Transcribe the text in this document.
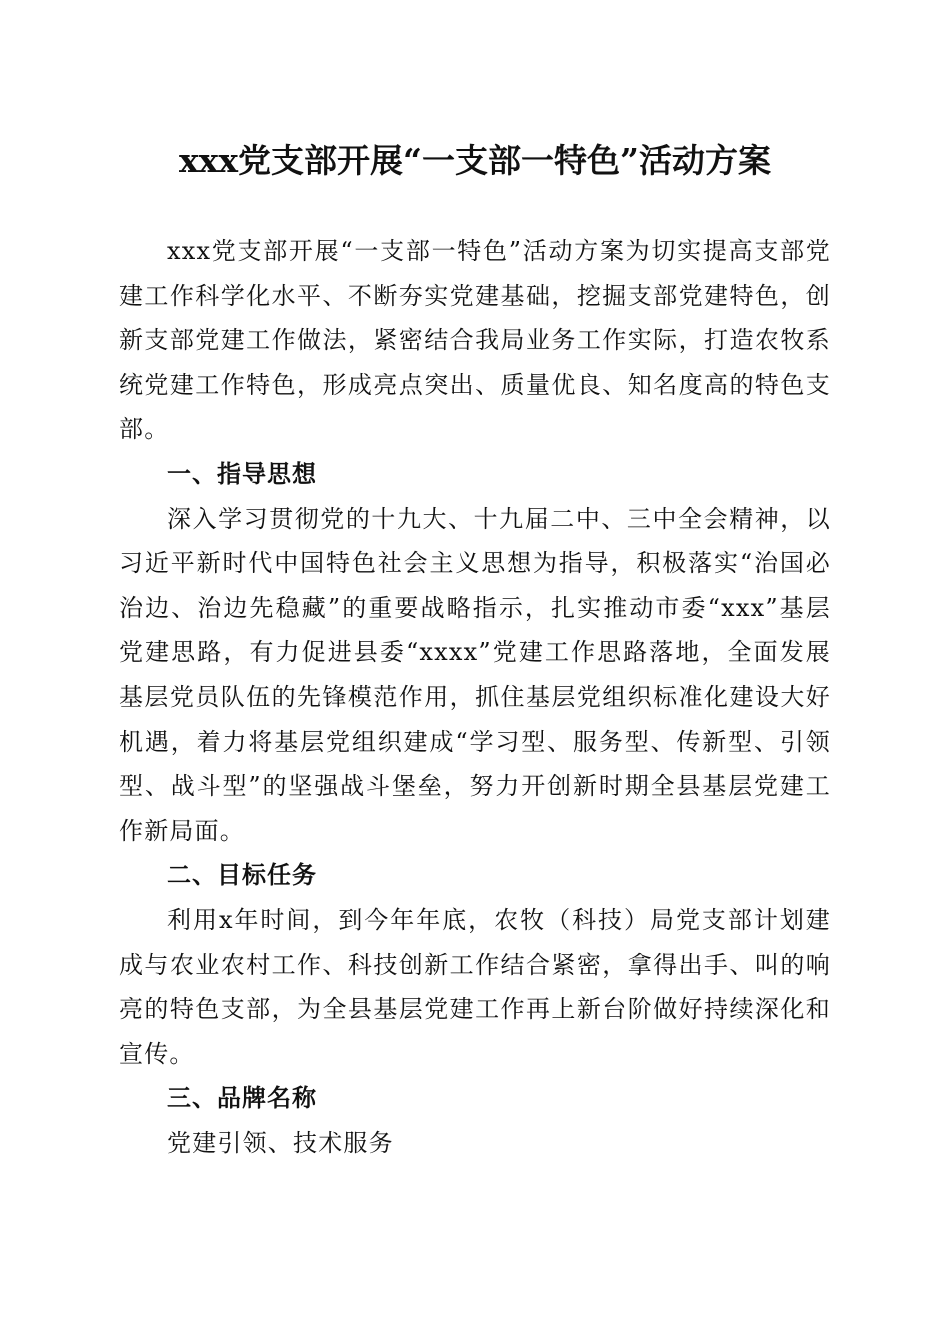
xxx党支部开展“一支部一特色”活动方案

xxx党支部开展“一支部一特色”活动方案为切实提高支部党建工作科学化水平、不断夯实党建基础，挖掘支部党建特色，创新支部党建工作做法，紧密结合我局业务工作实际，打造农牧系统党建工作特色，形成亮点突出、质量优良、知名度高的特色支部。

一、指导思想

深入学习贯彻党的十九大、十九届二中、三中全会精神，以习近平新时代中国特色社会主义思想为指导，积极落实“治国必治边、治边先稳藏”的重要战略指示，扎实推动市委“xxx”基层党建思路，有力促进县委“xxxx”党建工作思路落地，全面发展基层党员队伍的先锋模范作用，抓住基层党组织标准化建设大好机遇，着力将基层党组织建成“学习型、服务型、传新型、引领型、战斗型”的坚强战斗堡垒，努力开创新时期全县基层党建工作新局面。

二、目标任务

利用x年时间，到今年年底，农牧（科技）局党支部计划建成与农业农村工作、科技创新工作结合紧密，拿得出手、叫的响亮的特色支部，为全县基层党建工作再上新台阶做好持续深化和宣传。

三、品牌名称

党建引领、技术服务
